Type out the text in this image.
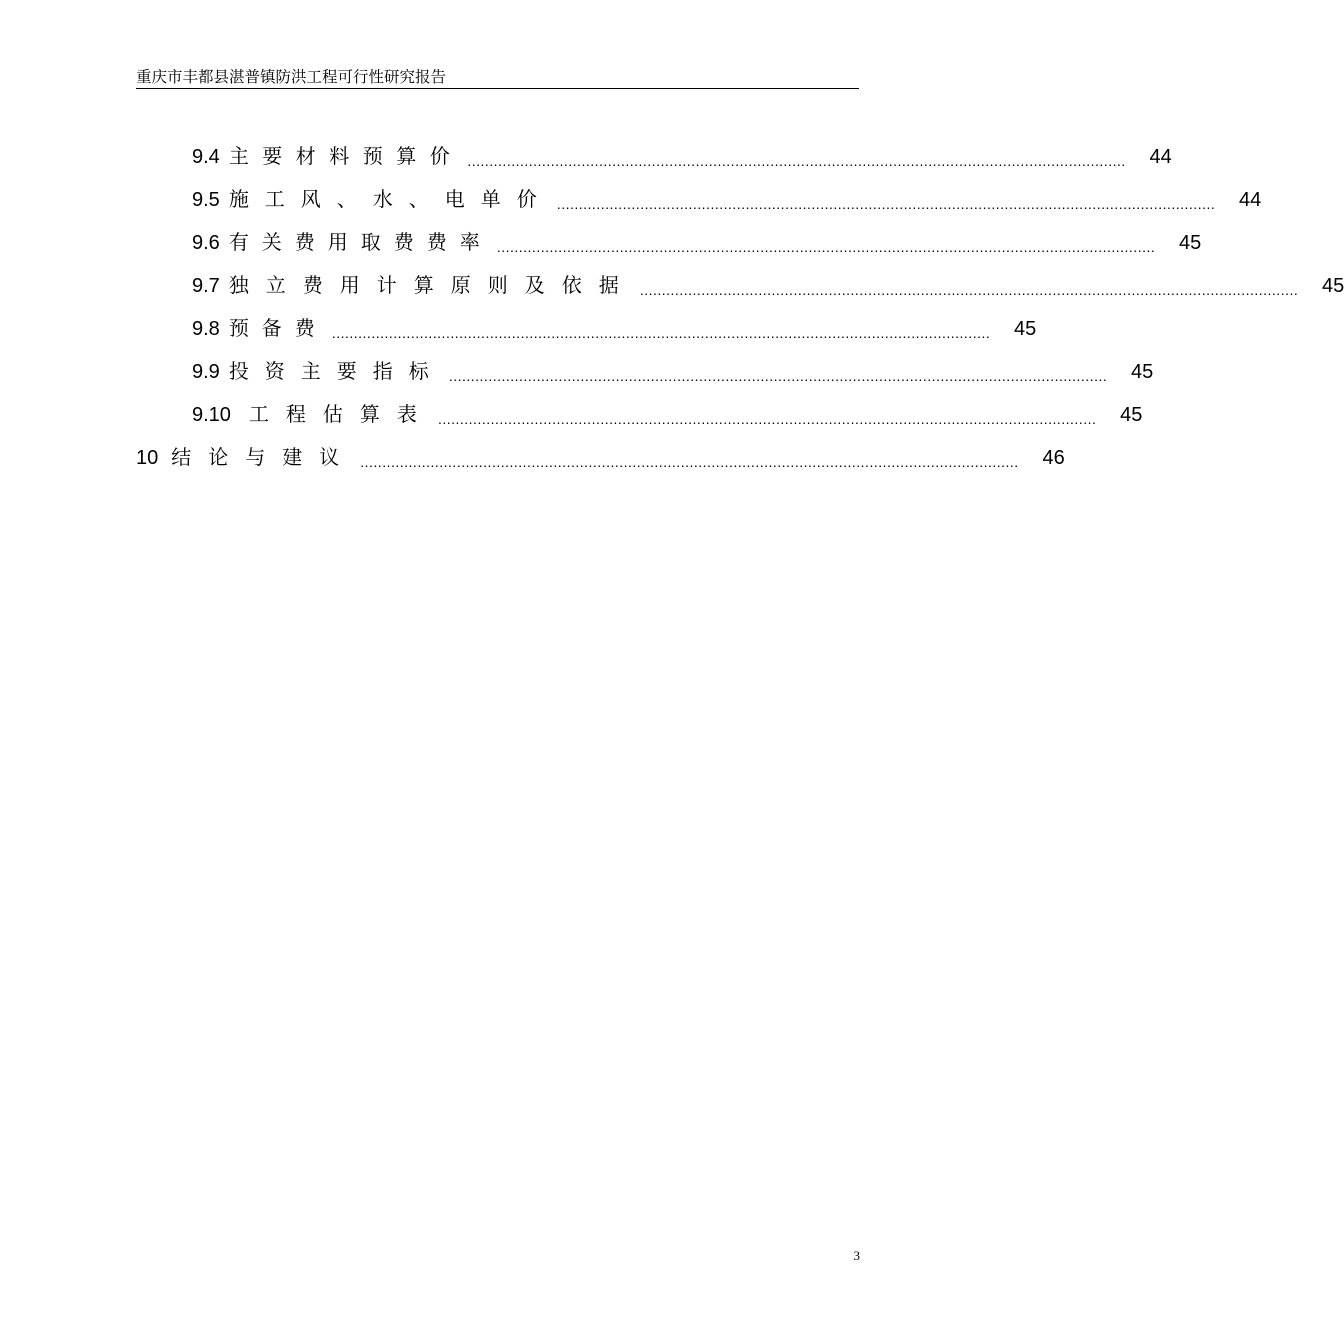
重庆市丰都县湛普镇防洪工程可行性研究报告
9.4 主要材料预算价 ......................................................................................................................................................	44
9.5 施工风、水、电单价 ......................................................................................................................................................	44
9.6 有关费用取费费率 ......................................................................................................................................................	45
9.7 独立费用计算原则及依据 ......................................................................................................................................................	45
9.8 预备费 ......................................................................................................................................................	45
9.9 投资主要指标 ......................................................................................................................................................	45
9.10 工程估算表 ......................................................................................................................................................	45
10 结论与建议 ......................................................................................................................................................	46
3
